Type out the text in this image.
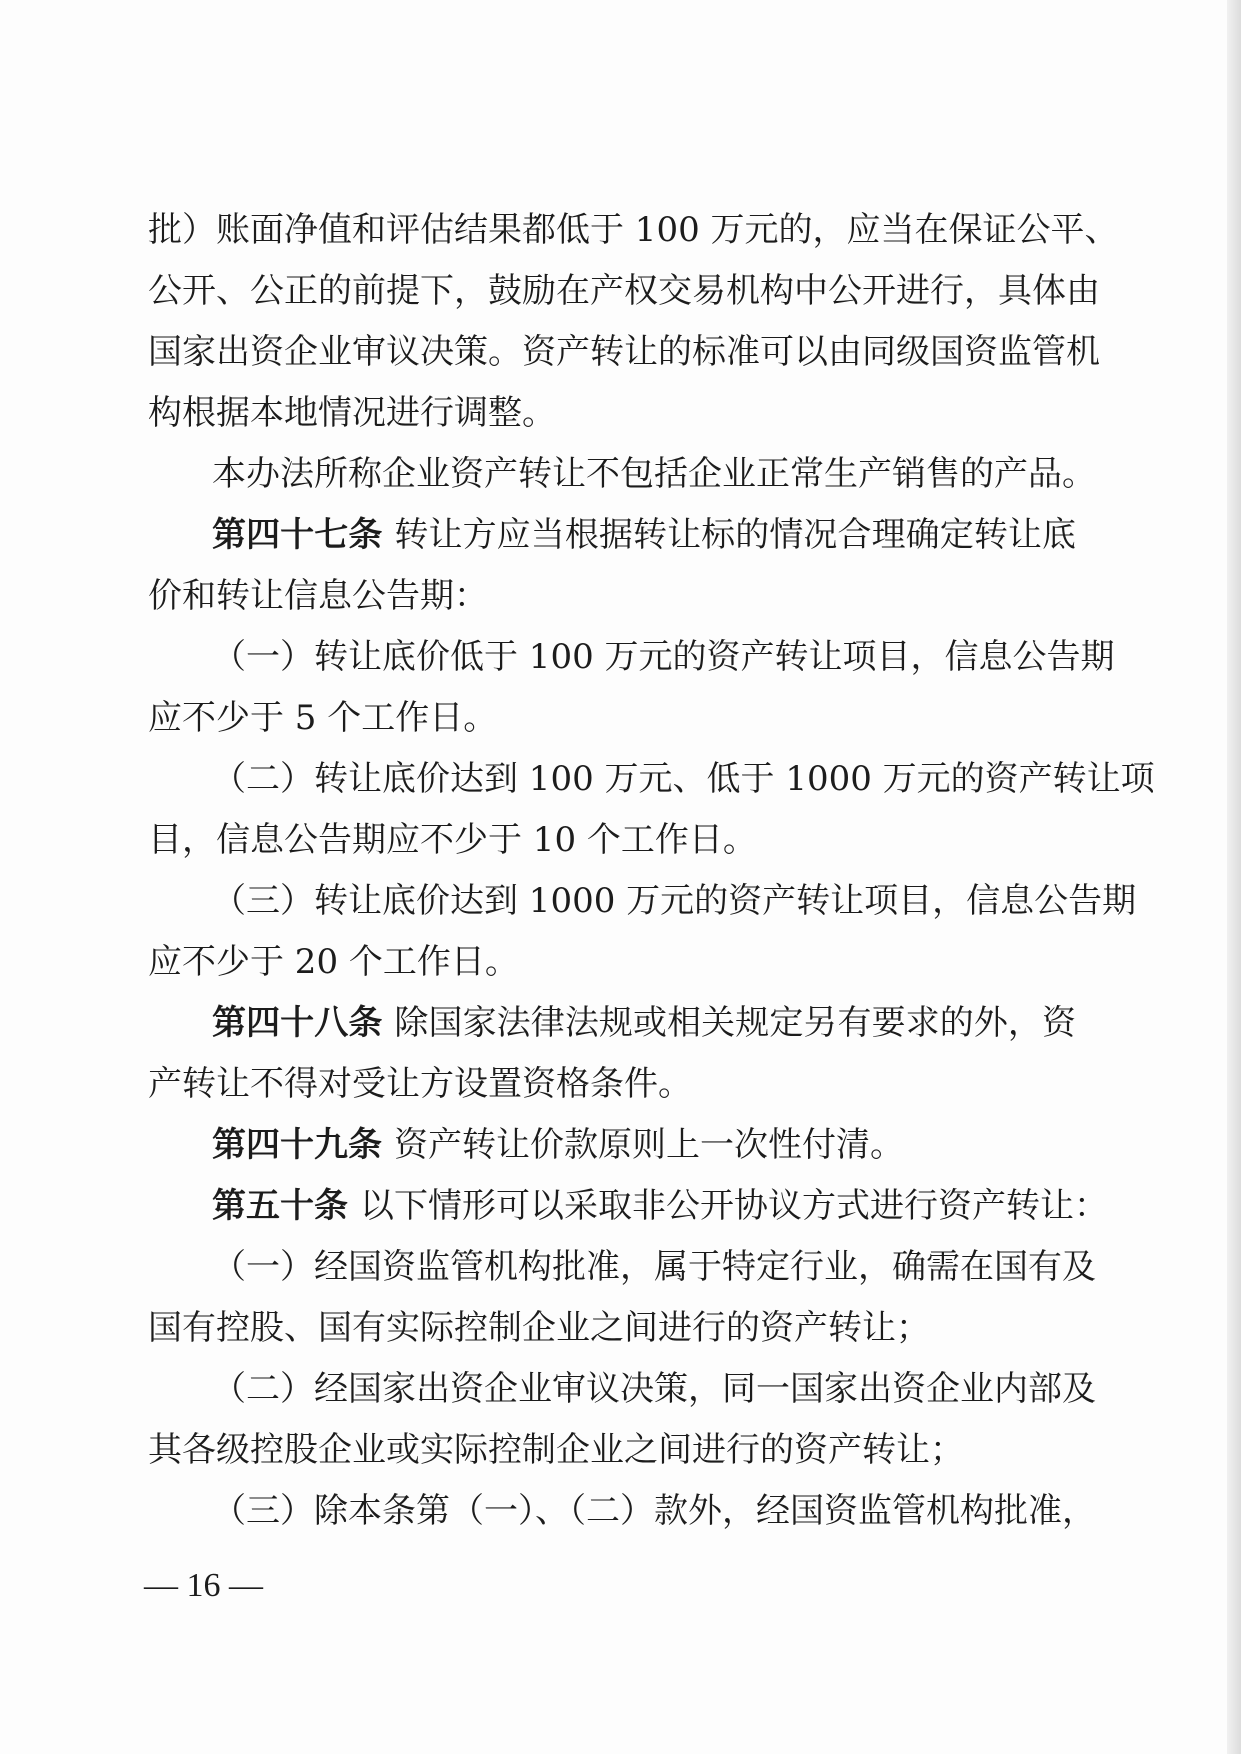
批）账面净值和评估结果都低于 100 万元的，应当在保证公平、
公开、公正的前提下，鼓励在产权交易机构中公开进行，具体由
国家出资企业审议决策。资产转让的标准可以由同级国资监管机
构根据本地情况进行调整。
本办法所称企业资产转让不包括企业正常生产销售的产品。
第四十七条 转让方应当根据转让标的情况合理确定转让底
价和转让信息公告期：
（一）转让底价低于 100 万元的资产转让项目，信息公告期
应不少于 5 个工作日。
（二）转让底价达到 100 万元、低于 1000 万元的资产转让项
目，信息公告期应不少于 10 个工作日。
（三）转让底价达到 1000 万元的资产转让项目，信息公告期
应不少于 20 个工作日。
第四十八条 除国家法律法规或相关规定另有要求的外，资
产转让不得对受让方设置资格条件。
第四十九条 资产转让价款原则上一次性付清。
第五十条 以下情形可以采取非公开协议方式进行资产转让：
（一）经国资监管机构批准，属于特定行业，确需在国有及
国有控股、国有实际控制企业之间进行的资产转让；
（二）经国家出资企业审议决策，同一国家出资企业内部及
其各级控股企业或实际控制企业之间进行的资产转让；
（三）除本条第（一）、（二）款外，经国资监管机构批准，
— 16 —
